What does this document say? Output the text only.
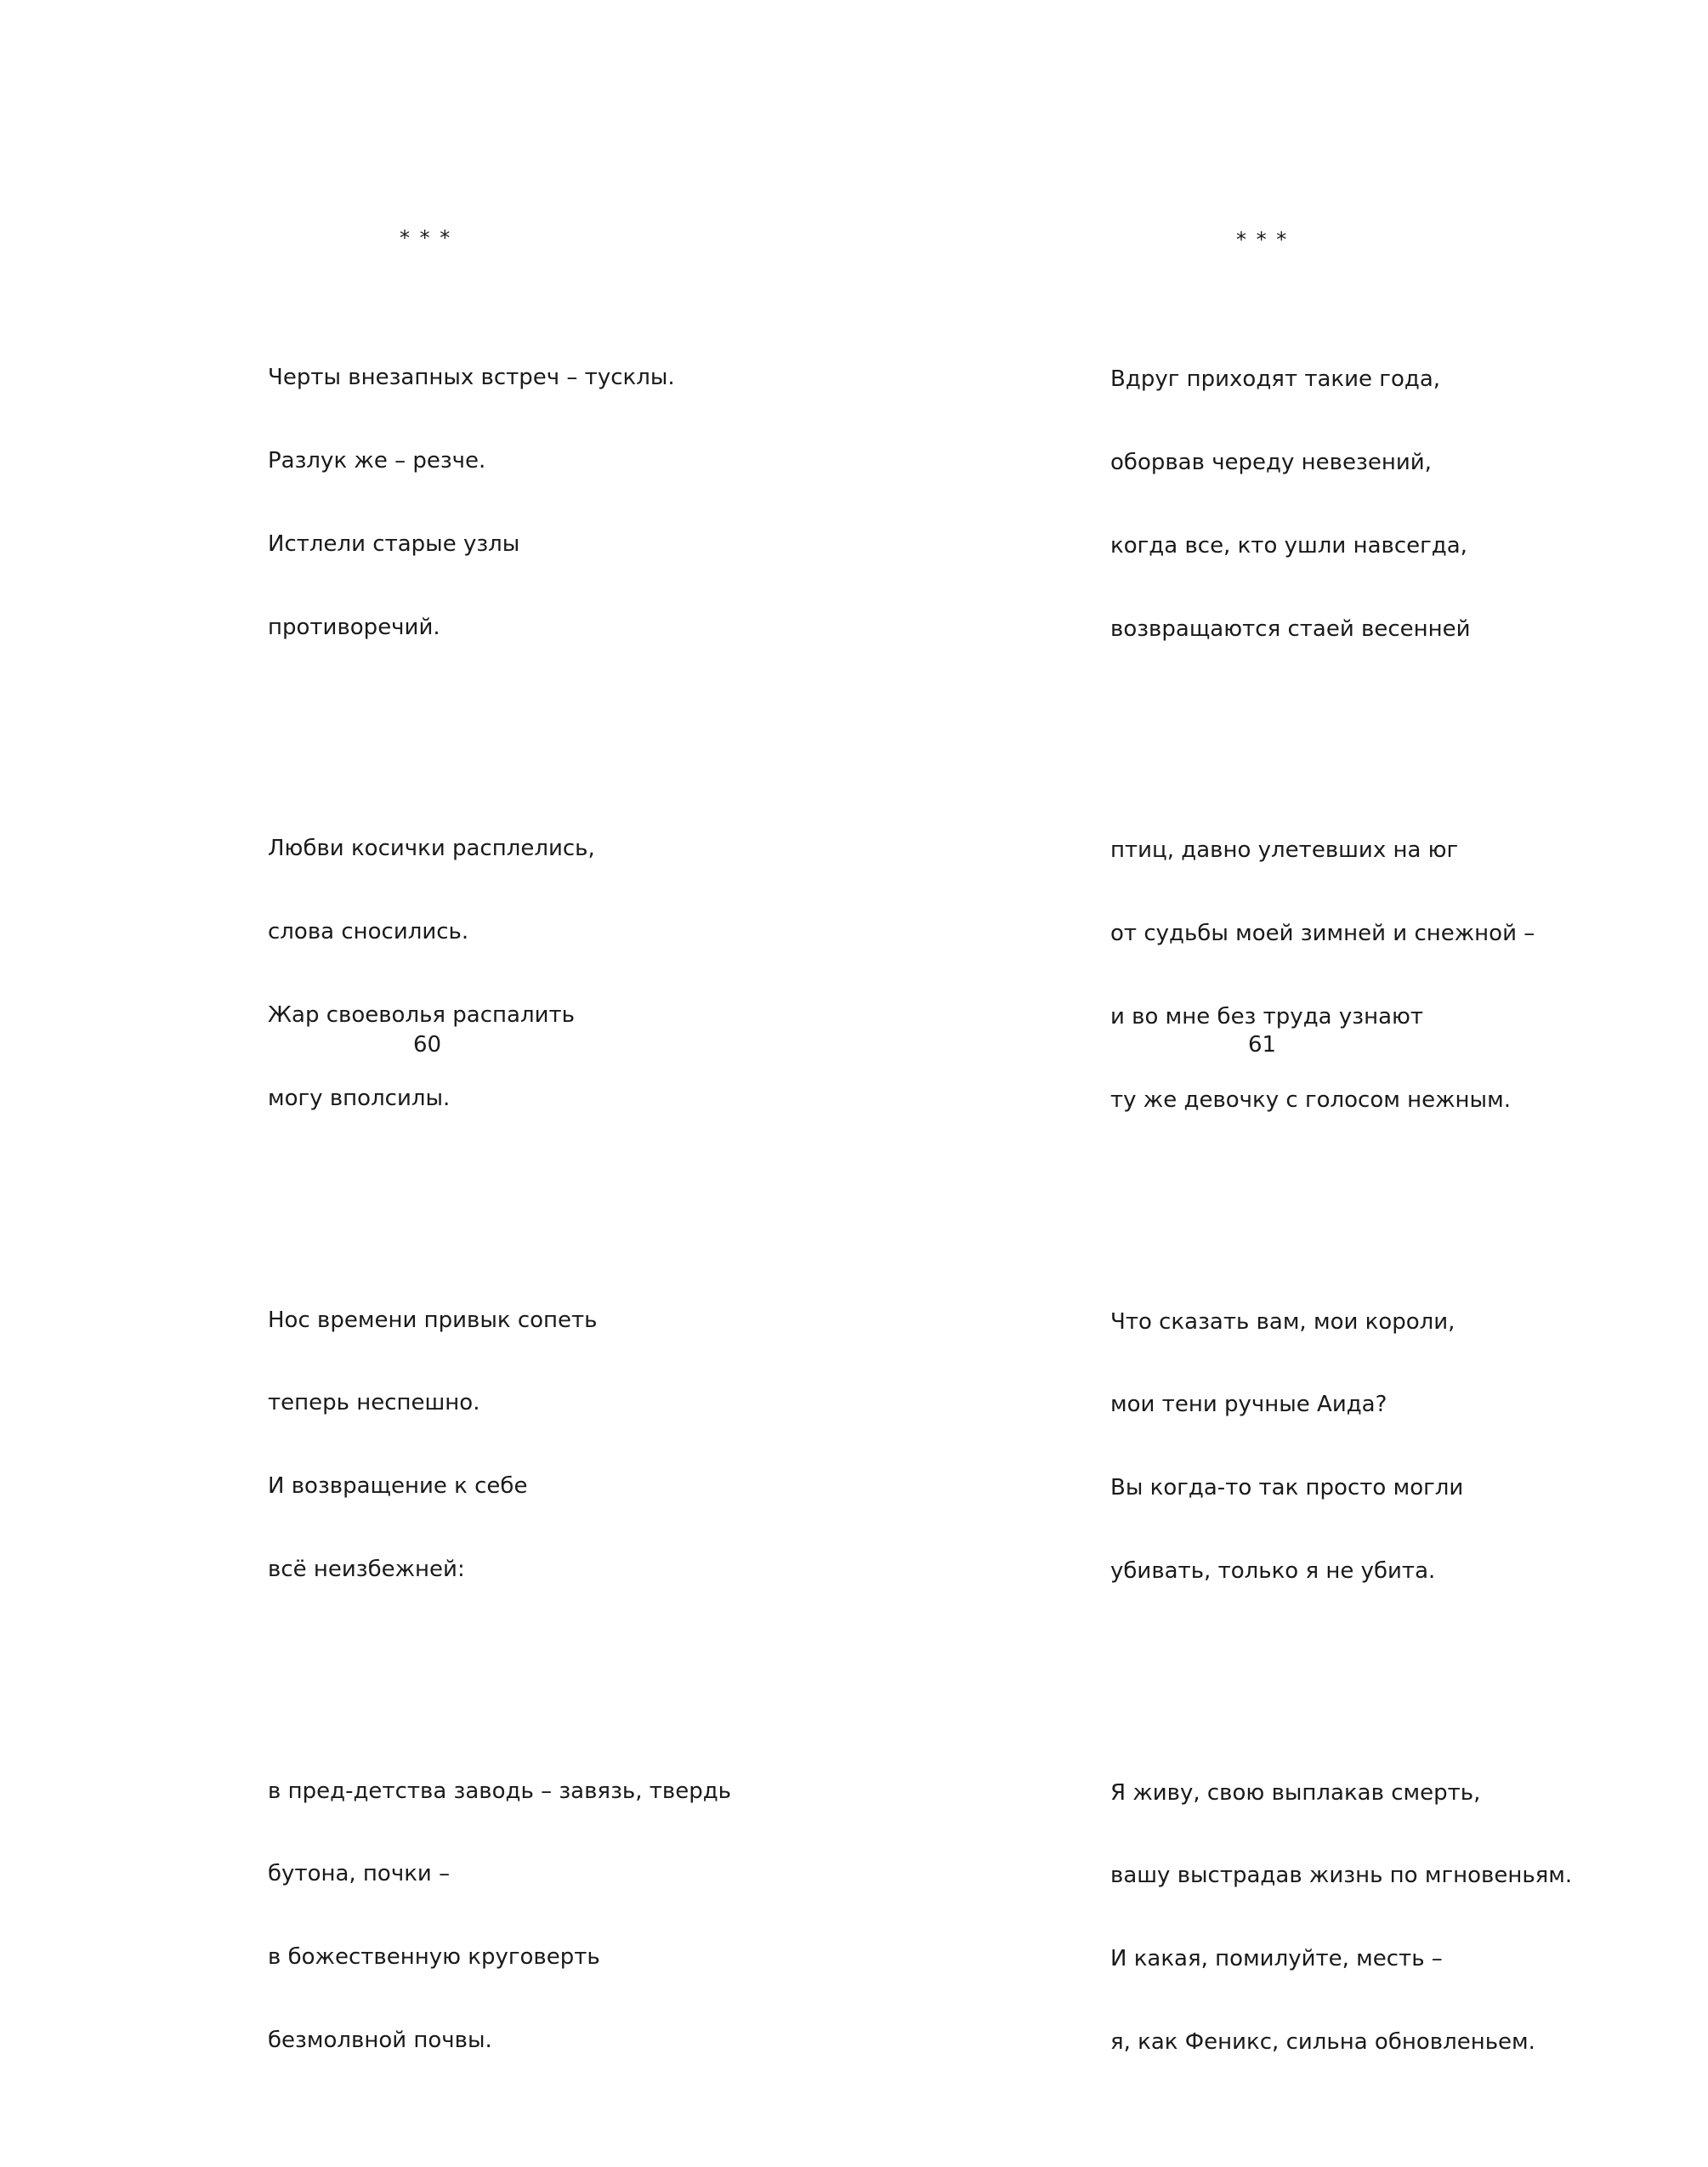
* * *

Черты внезапных встреч – тусклы.

Разлук же – резче.

Истлели старые узлы

противоречий.

Любви косички расплелись,

слова сносились.

Жар своеволья распалить

могу вполсилы.

Нос времени привык сопеть

теперь неспешно.

И возвращение к себе

всё неизбежней:

в пред-детства заводь – завязь, твердь

бутона, почки –

в божественную круговерть

безмолвной почвы.

60
* * *

Вдруг приходят такие года,

оборвав череду невезений,

когда все, кто ушли навсегда,

возвращаются стаей весенней

птиц, давно улетевших на юг

от судьбы моей зимней и снежной –

и во мне без труда узнают

ту же девочку с голосом нежным.

Что сказать вам, мои короли,

мои тени ручные Аида?

Вы когда-то так просто могли

убивать, только я не убита.

Я живу, свою выплакав смерть,

вашу выстрадав жизнь по мгновеньям.

И какая, помилуйте, месть –

я, как Феникс, сильна обновленьем.

61
